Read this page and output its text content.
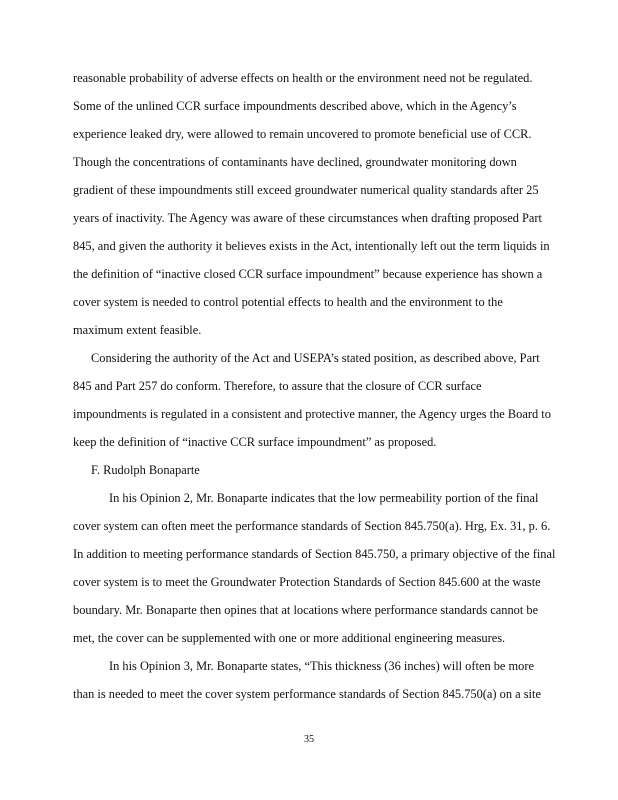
reasonable probability of adverse effects on health or the environment need not be regulated.
Some of the unlined CCR surface impoundments described above, which in the Agency’s
experience leaked dry, were allowed to remain uncovered to promote beneficial use of CCR.
Though the concentrations of contaminants have declined, groundwater monitoring down
gradient of these impoundments still exceed groundwater numerical quality standards after 25
years of inactivity. The Agency was aware of these circumstances when drafting proposed Part
845, and given the authority it believes exists in the Act, intentionally left out the term liquids in
the definition of “inactive closed CCR surface impoundment” because experience has shown a
cover system is needed to control potential effects to health and the environment to the
maximum extent feasible.
Considering the authority of the Act and USEPA’s stated position, as described above, Part
845 and Part 257 do conform. Therefore, to assure that the closure of CCR surface
impoundments is regulated in a consistent and protective manner, the Agency urges the Board to
keep the definition of “inactive CCR surface impoundment” as proposed.
F. Rudolph Bonaparte
In his Opinion 2, Mr. Bonaparte indicates that the low permeability portion of the final
cover system can often meet the performance standards of Section 845.750(a). Hrg, Ex. 31, p. 6.
In addition to meeting performance standards of Section 845.750, a primary objective of the final
cover system is to meet the Groundwater Protection Standards of Section 845.600 at the waste
boundary. Mr. Bonaparte then opines that at locations where performance standards cannot be
met, the cover can be supplemented with one or more additional engineering measures.
In his Opinion 3, Mr. Bonaparte states, “This thickness (36 inches) will often be more
than is needed to meet the cover system performance standards of Section 845.750(a) on a site
35
